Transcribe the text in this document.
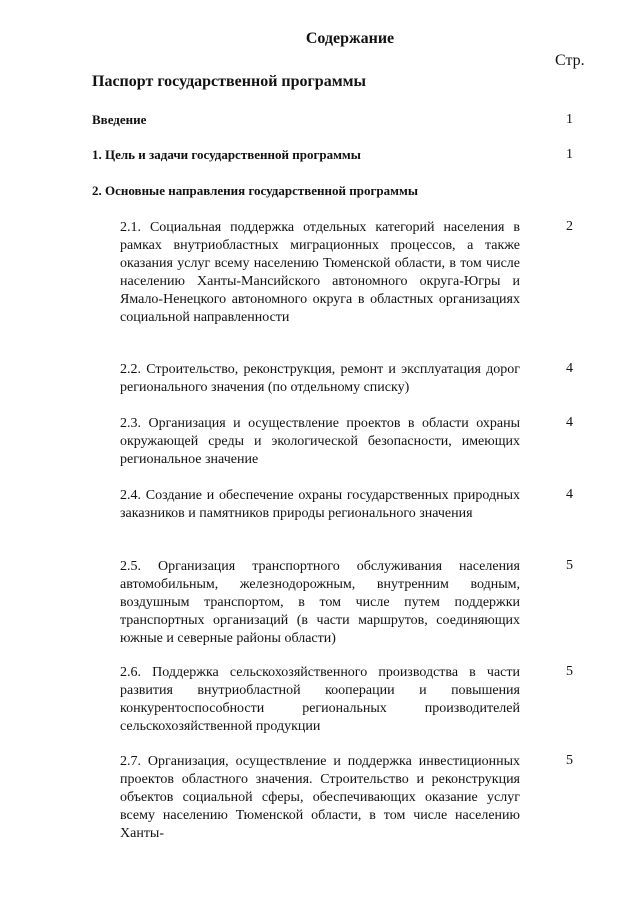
Содержание
Стр.
Паспорт государственной программы
Введение	1
1. Цель и задачи государственной программы	1
2. Основные направления государственной программы
2.1. Социальная поддержка отдельных категорий населения в рамках внутриобластных миграционных процессов, а также оказания услуг всему населению Тюменской области, в том числе населению Ханты-Мансийского автономного округа-Югры и Ямало-Ненецкого автономного округа в областных организациях социальной направленности
2
2.2. Строительство, реконструкция, ремонт и эксплуатация дорог регионального значения (по отдельному списку)
4
2.3. Организация и осуществление проектов в области охраны окружающей среды и экологической безопасности, имеющих региональное значение
4
2.4. Создание и обеспечение охраны государственных природных заказников и памятников природы регионального значения
4
2.5. Организация транспортного обслуживания населения автомобильным, железнодорожным, внутренним водным, воздушным транспортом, в том числе путем поддержки транспортных организаций (в части маршрутов, соединяющих южные и северные районы области)
5
2.6. Поддержка сельскохозяйственного производства в части развития внутриобластной кооперации и повышения конкурентоспособности региональных производителей сельскохозяйственной продукции
5
2.7. Организация, осуществление и поддержка инвестиционных проектов областного значения. Строительство и реконструкция объектов социальной сферы, обеспечивающих оказание услуг всему населению Тюменской области, в том числе населению Ханты-
5
